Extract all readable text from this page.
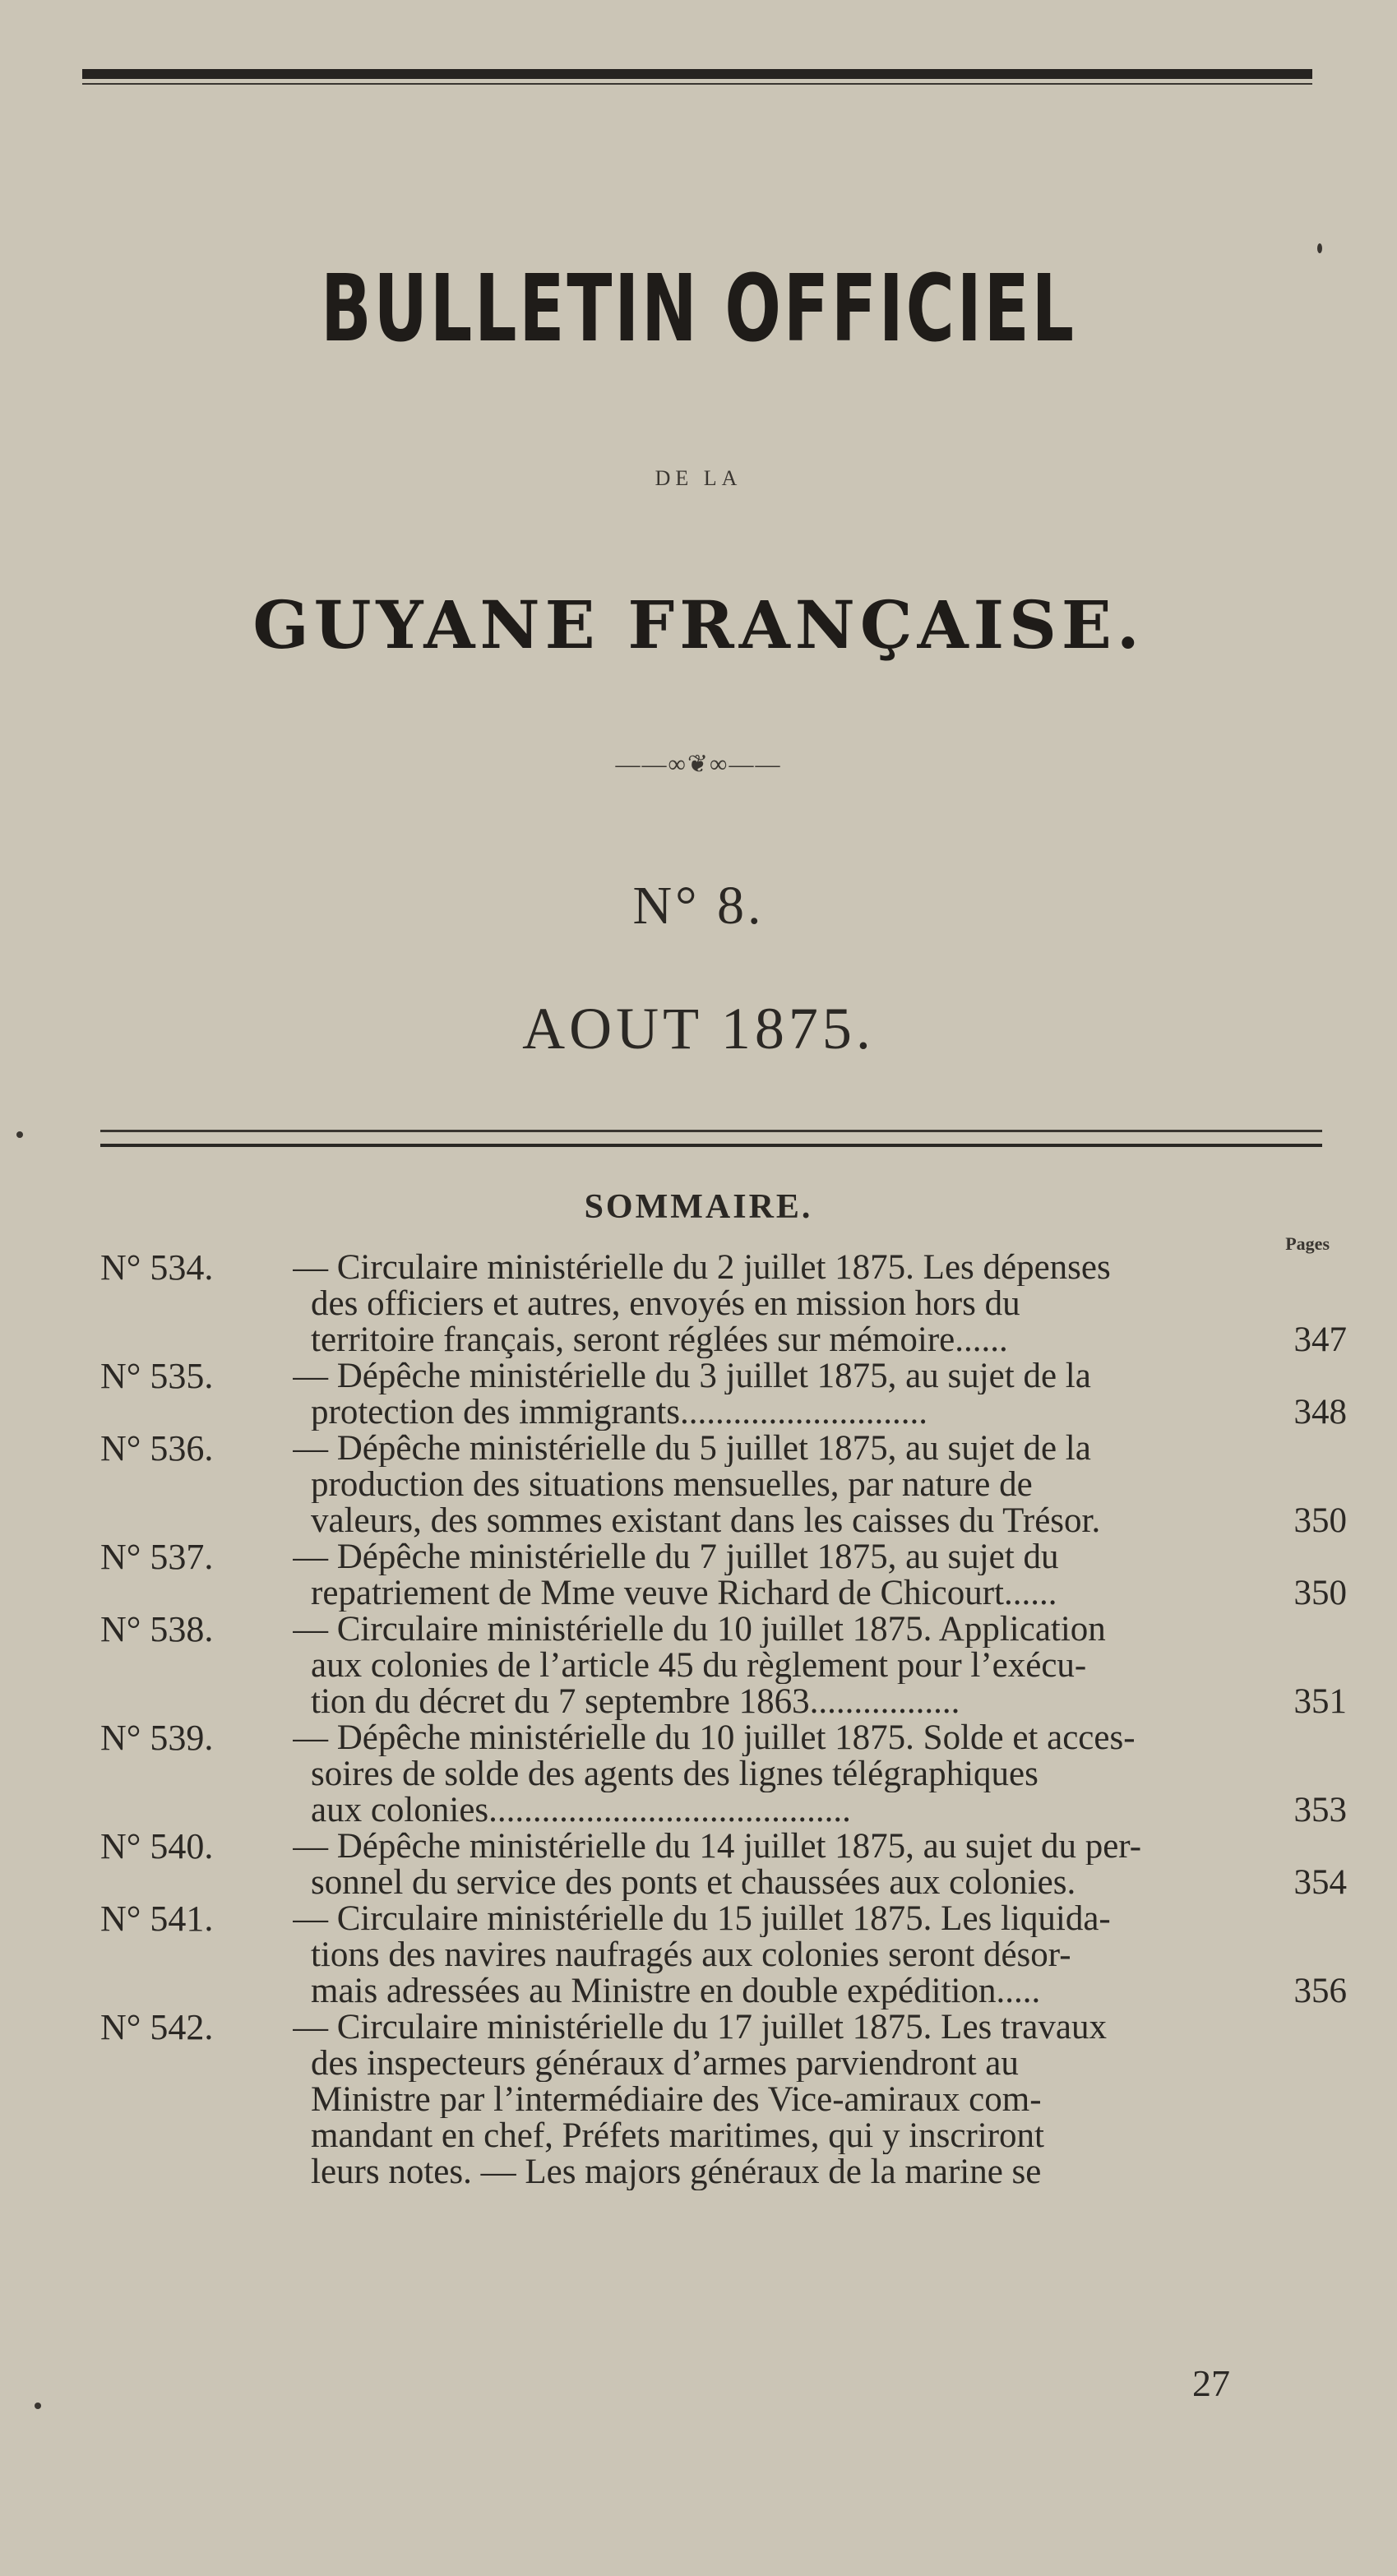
BULLETIN OFFICIEL
DE LA
GUYANE FRANÇAISE.
——∞❦∞——
N° 8.
AOUT 1875.
SOMMAIRE.
Pages
N° 534.	— Circulaire ministérielle du 2 juillet 1875. Les dépenses
des officiers et autres, envoyés en mission hors du
territoire français, seront réglées sur mémoire......	347
N° 535.	— Dépêche ministérielle du 3 juillet 1875, au sujet de la
protection des immigrants............................	348
N° 536.	— Dépêche ministérielle du 5 juillet 1875, au sujet de la
production des situations mensuelles, par nature de
valeurs, des sommes existant dans les caisses du Trésor.	350
N° 537.	— Dépêche ministérielle du 7 juillet 1875, au sujet du
repatriement de Mme veuve Richard de Chicourt......	350
N° 538.	— Circulaire ministérielle du 10 juillet 1875. Application
aux colonies de l’article 45 du règlement pour l’exécu-
tion du décret du 7 septembre 1863.................	351
N° 539.	— Dépêche ministérielle du 10 juillet 1875. Solde et acces-
soires de solde des agents des lignes télégraphiques
aux colonies.........................................	353
N° 540.	— Dépêche ministérielle du 14 juillet 1875, au sujet du per-
sonnel du service des ponts et chaussées aux colonies.	354
N° 541.	— Circulaire ministérielle du 15 juillet 1875. Les liquida-
tions des navires naufragés aux colonies seront désor-
mais adressées au Ministre en double expédition.....	356
N° 542.	— Circulaire ministérielle du 17 juillet 1875. Les travaux
des inspecteurs généraux d’armes parviendront au
Ministre par l’intermédiaire des Vice-amiraux com-
mandant en chef, Préfets maritimes, qui y inscriront
leurs notes. — Les majors généraux de la marine se
27
